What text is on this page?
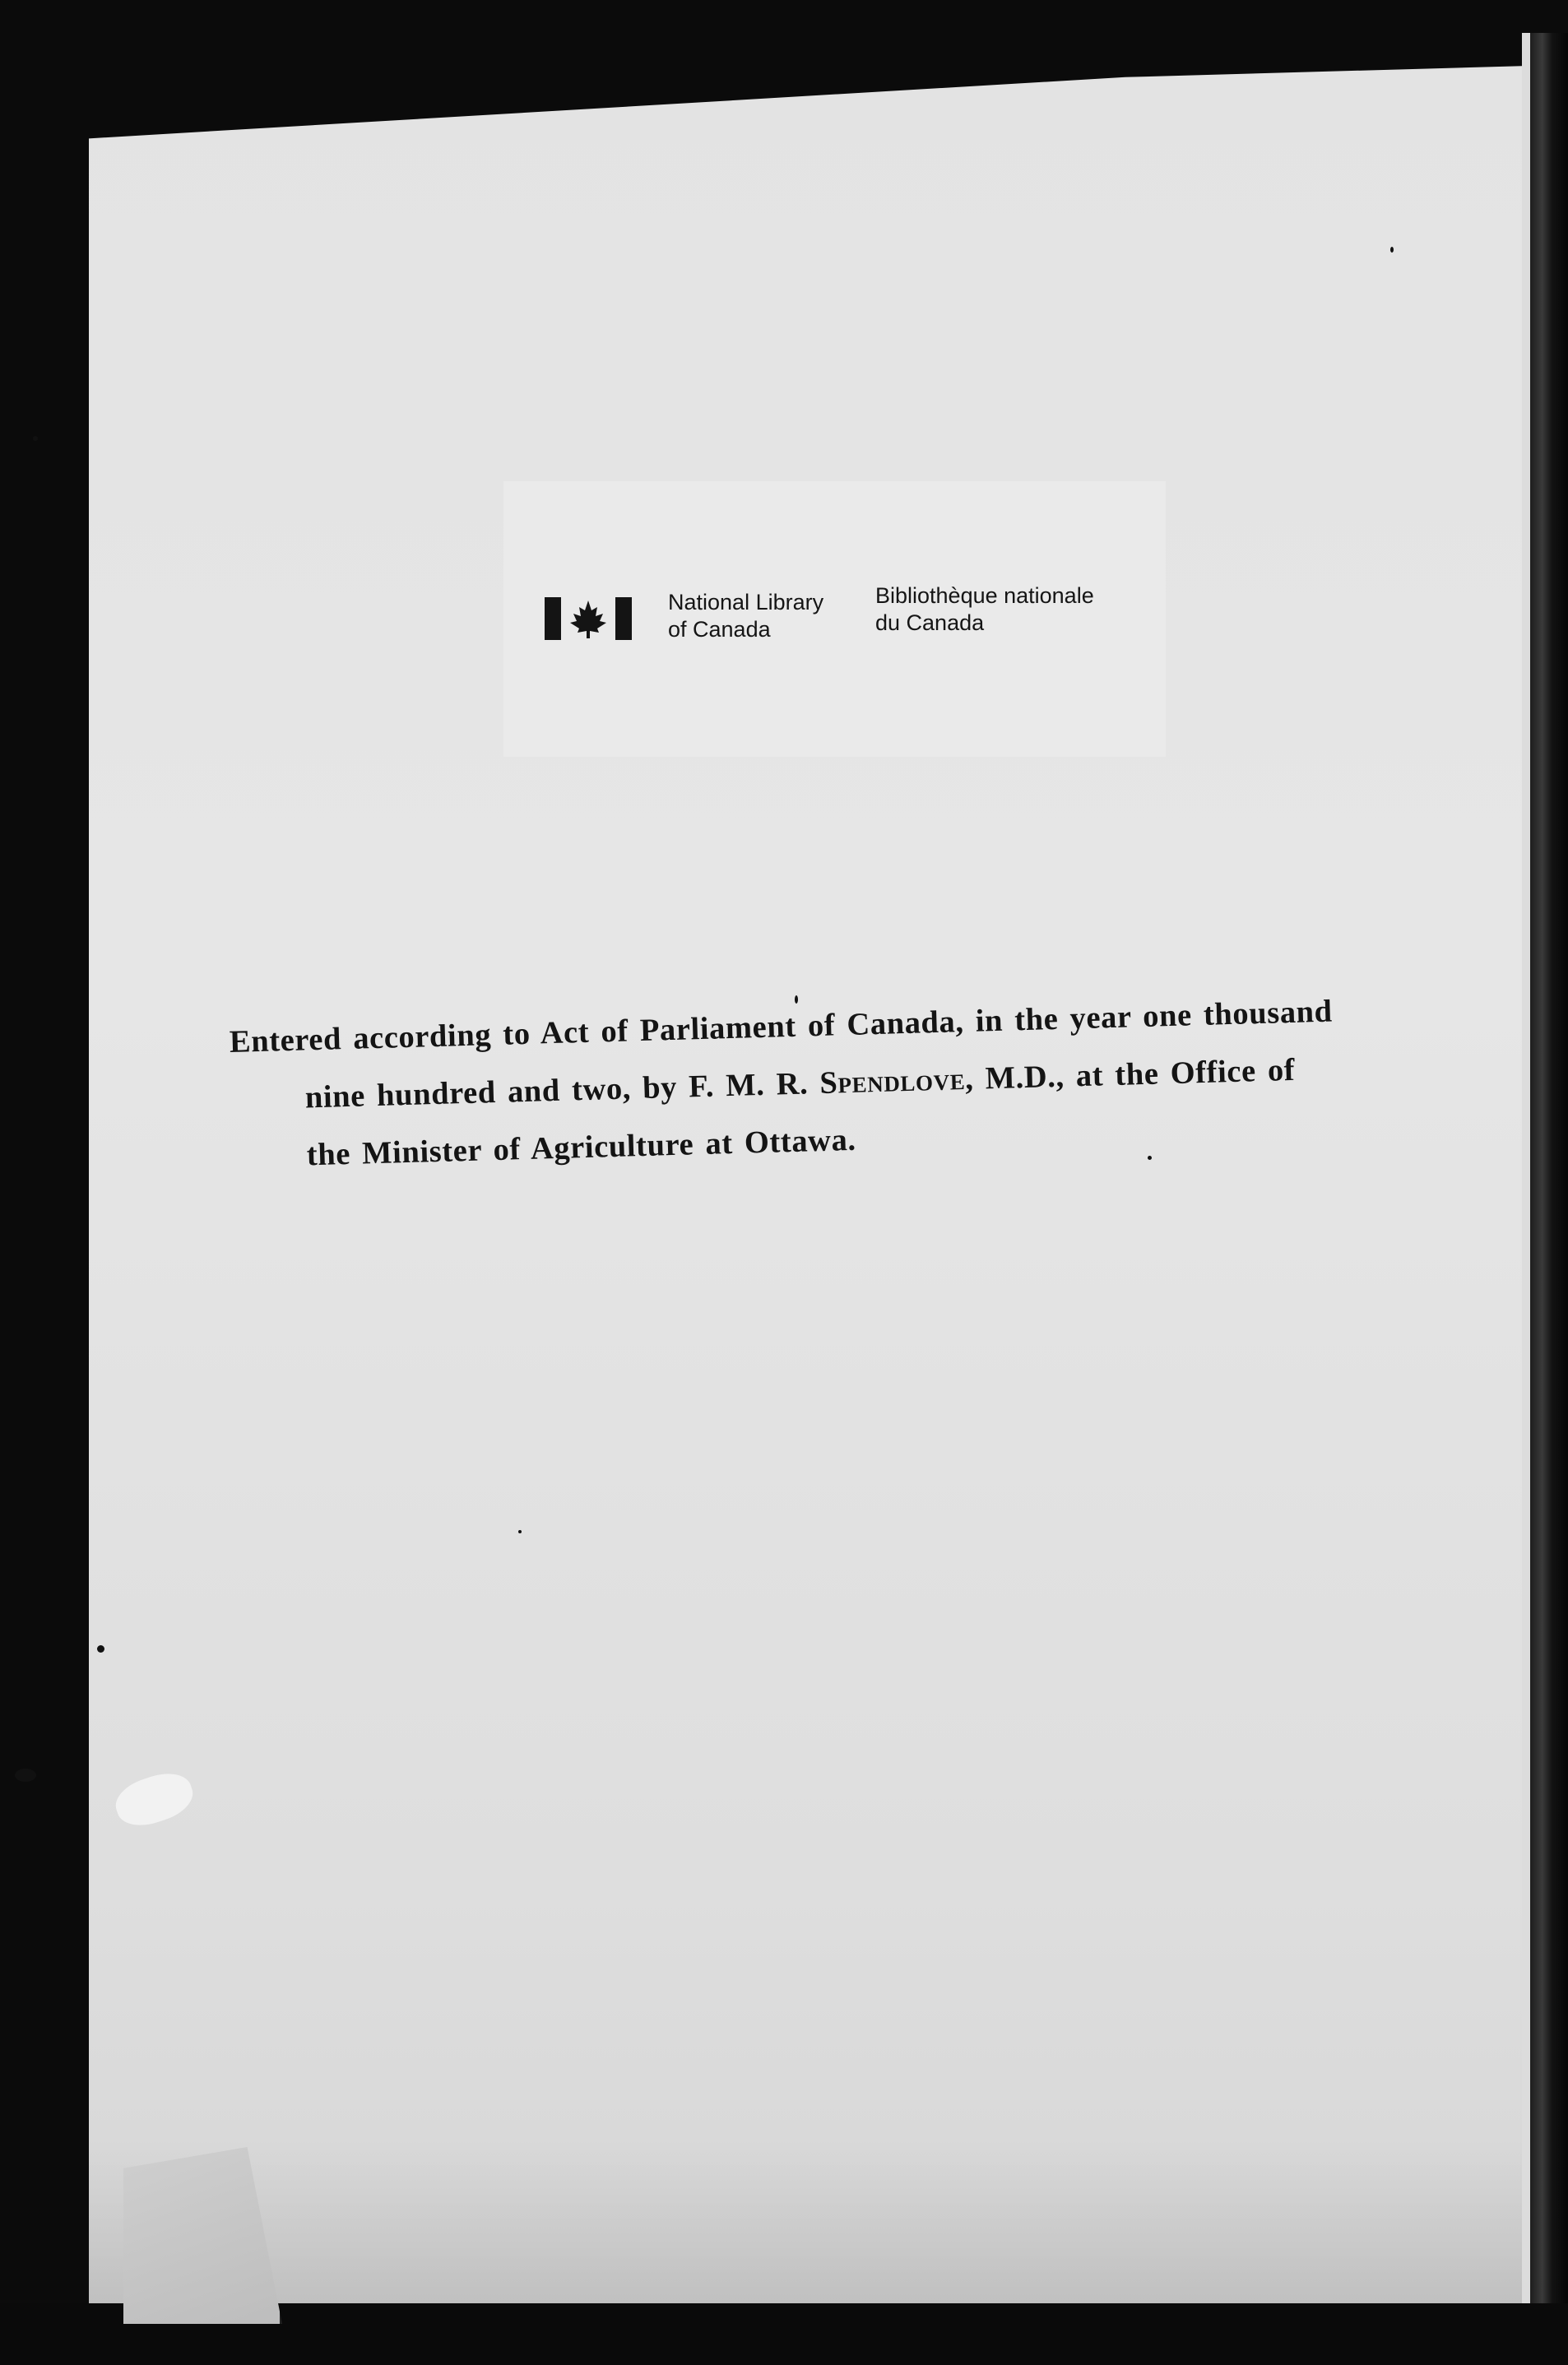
National Library
of Canada
Bibliothèque nationale
du Canada
Entered according to Act of Parliament of Canada, in the year one thousand
nine hundred and two, by F. M. R. Spendlove, M.D., at the Office of
the Minister of Agriculture at Ottawa.
